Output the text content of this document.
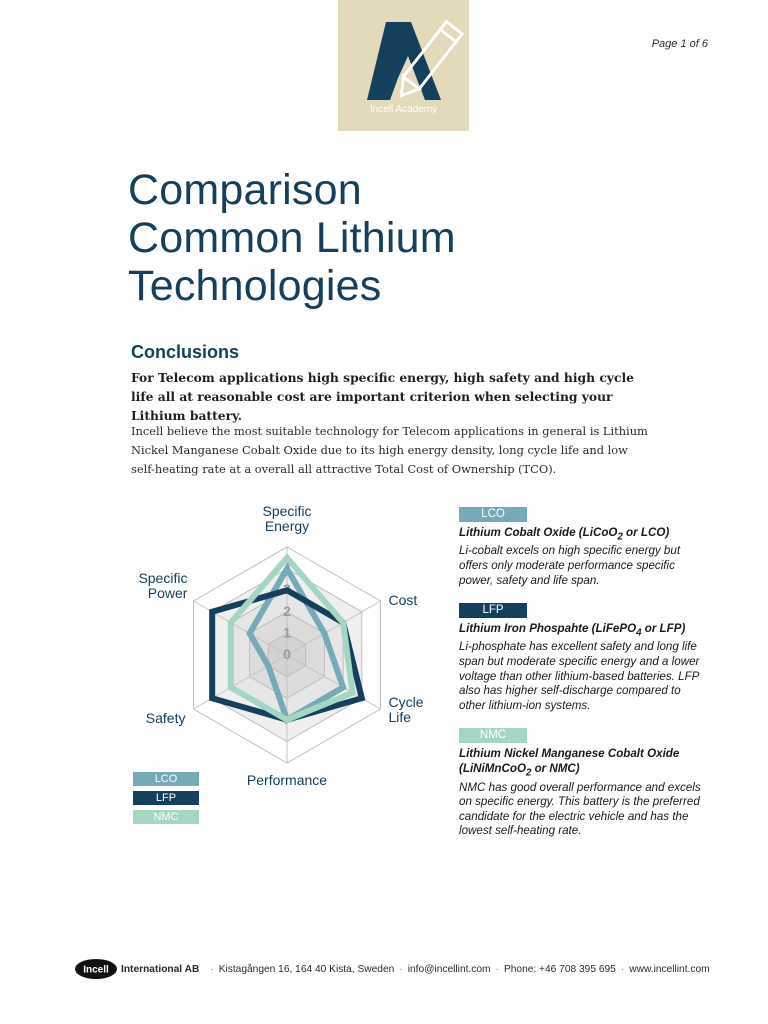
Incell Academy
Page 1 of 6
Comparison
Common Lithium
Technologies
Conclusions

For Telecom applications high specific energy, high safety and high cycle life all at reasonable cost are important criterion when selecting your Lithium battery.

Incell believe the most suitable technology for Telecom applications in general is Lithium Nickel Manganese Cobalt Oxide due to its high energy density, long cycle life and low self-heating rate at a overall all attractive Total Cost of Ownership (TCO).

0
1
2
3
4
Specific Energy
Cost
Cycle Life
Performance
Safety
Specific Power
LCO
LFP
NMC
LCO

Lithium Cobalt Oxide (LiCoO$_2$ or LCO)

Li-cobalt excels on high specific energy but offers only moderate performance specific power, safety and life span.

LFP

Lithium Iron Phospahte (LiFePO$_4$ or LFP)

Li-phosphate has excellent safety and long life span but moderate specific energy and a lower voltage than other lithium-based batteries. LFP also has higher self-discharge compared to other lithium-ion systems.

NMC

Lithium Nickel Manganese Cobalt Oxide (LiNiMnCoO$_2$ or NMC)

NMC has good overall performance and excels on specific energy. This battery is the preferred candidate for the electric vehicle and has the lowest self-heating rate.

Incell International AB · Kistagången 16, 164 40 Kista, Sweden · info@incellint.com · Phone: +46 708 395 695 · www.incellint.com
